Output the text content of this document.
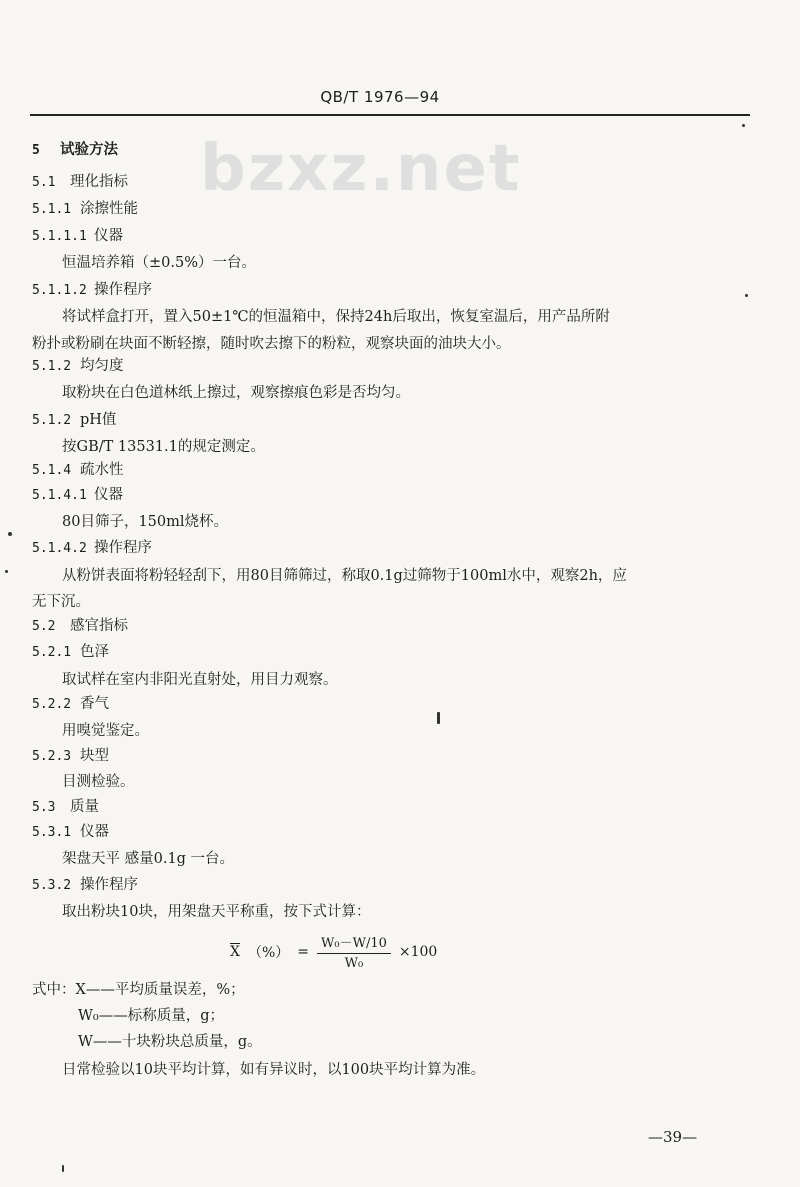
QB/T 1976—94
bzxz.net
5 试验方法
5.1 理化指标
5.1.1 涂擦性能
5.1.1.1 仪器
恒温培养箱（±0.5%）一台。
5.1.1.2 操作程序
将试样盒打开，置入50±1℃的恒温箱中，保持24h后取出，恢复室温后，用产品所附
粉扑或粉刷在块面不断轻擦，随时吹去擦下的粉粒，观察块面的油块大小。
5.1.2 均匀度
取粉块在白色道林纸上擦过，观察擦痕色彩是否均匀。
5.1.2 pH值
按GB/T 13531.1的规定测定。
5.1.4 疏水性
5.1.4.1 仪器
80目筛子，150ml烧杯。
5.1.4.2 操作程序
从粉饼表面将粉轻轻刮下，用80目筛筛过，称取0.1g过筛物于100ml水中，观察2h，应
无下沉。
5.2 感官指标
5.2.1 色泽
取试样在室内非阳光直射处，用目力观察。
5.2.2 香气
用嗅觉鉴定。
5.2.3 块型
目测检验。
5.3 质量
5.3.1 仪器
架盘天平 感量0.1g 一台。
5.3.2 操作程序
取出粉块10块，用架盘天平称重，按下式计算：
式中：X——平均质量误差，%；
W₀——标称质量，g；
W——十块粉块总质量，g。
日常检验以10块平均计算，如有异议时，以100块平均计算为准。
$\overline{X}$ （%） = $\frac{\text{W₀－W/10}}{\text{W₀}} \times 100$
—39—
